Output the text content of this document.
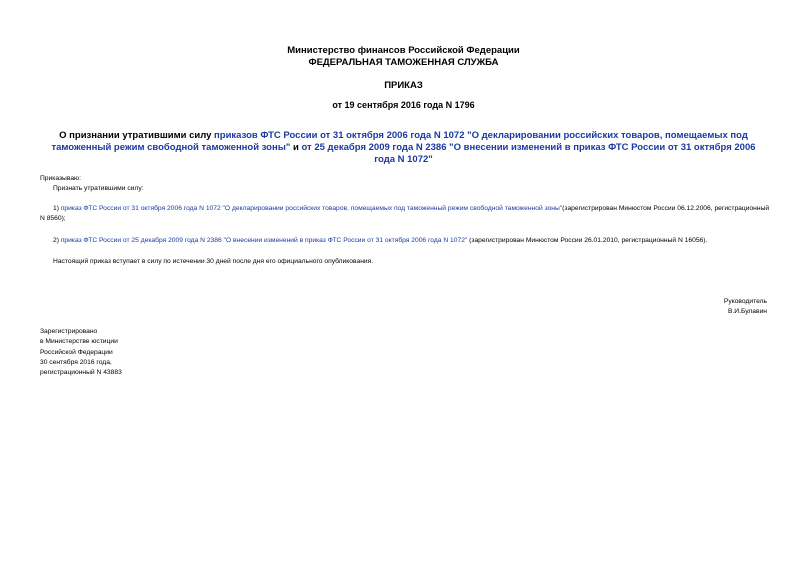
Министерство финансов Российской Федерации
ФЕДЕРАЛЬНАЯ ТАМОЖЕННАЯ СЛУЖБА
ПРИКАЗ
от 19 сентября 2016 года N 1796
О признании утратившими силу приказов ФТС России от 31 октября 2006 года N 1072 "О декларировании российских товаров, помещаемых под таможенный режим свободной таможенной зоны" и от 25 декабря 2009 года N 2386 "О внесении изменений в приказ ФТС России от 31 октября 2006 года N 1072"
Приказываю:
Признать утратившими силу:
1) приказ ФТС России от 31 октября 2006 года N 1072 "О декларировании российских товаров, помещаемых под таможенный режим свободной таможенной зоны"(зарегистрирован Минюстом России 06.12.2006, регистрационный N 8560);
2) приказ ФТС России от 25 декабря 2009 года N 2386 "О внесении изменений в приказ ФТС России от 31 октября 2006 года N 1072" (зарегистрирован Минюстом России 26.01.2010, регистрационный N 16056).
Настоящий приказ вступает в силу по истечении 30 дней после дня его официального опубликования.
Руководитель
В.И.Булавин
Зарегистрировано
в Министерстве юстиции
Российской Федерации
30 сентября 2016 года,
регистрационный N 43883
